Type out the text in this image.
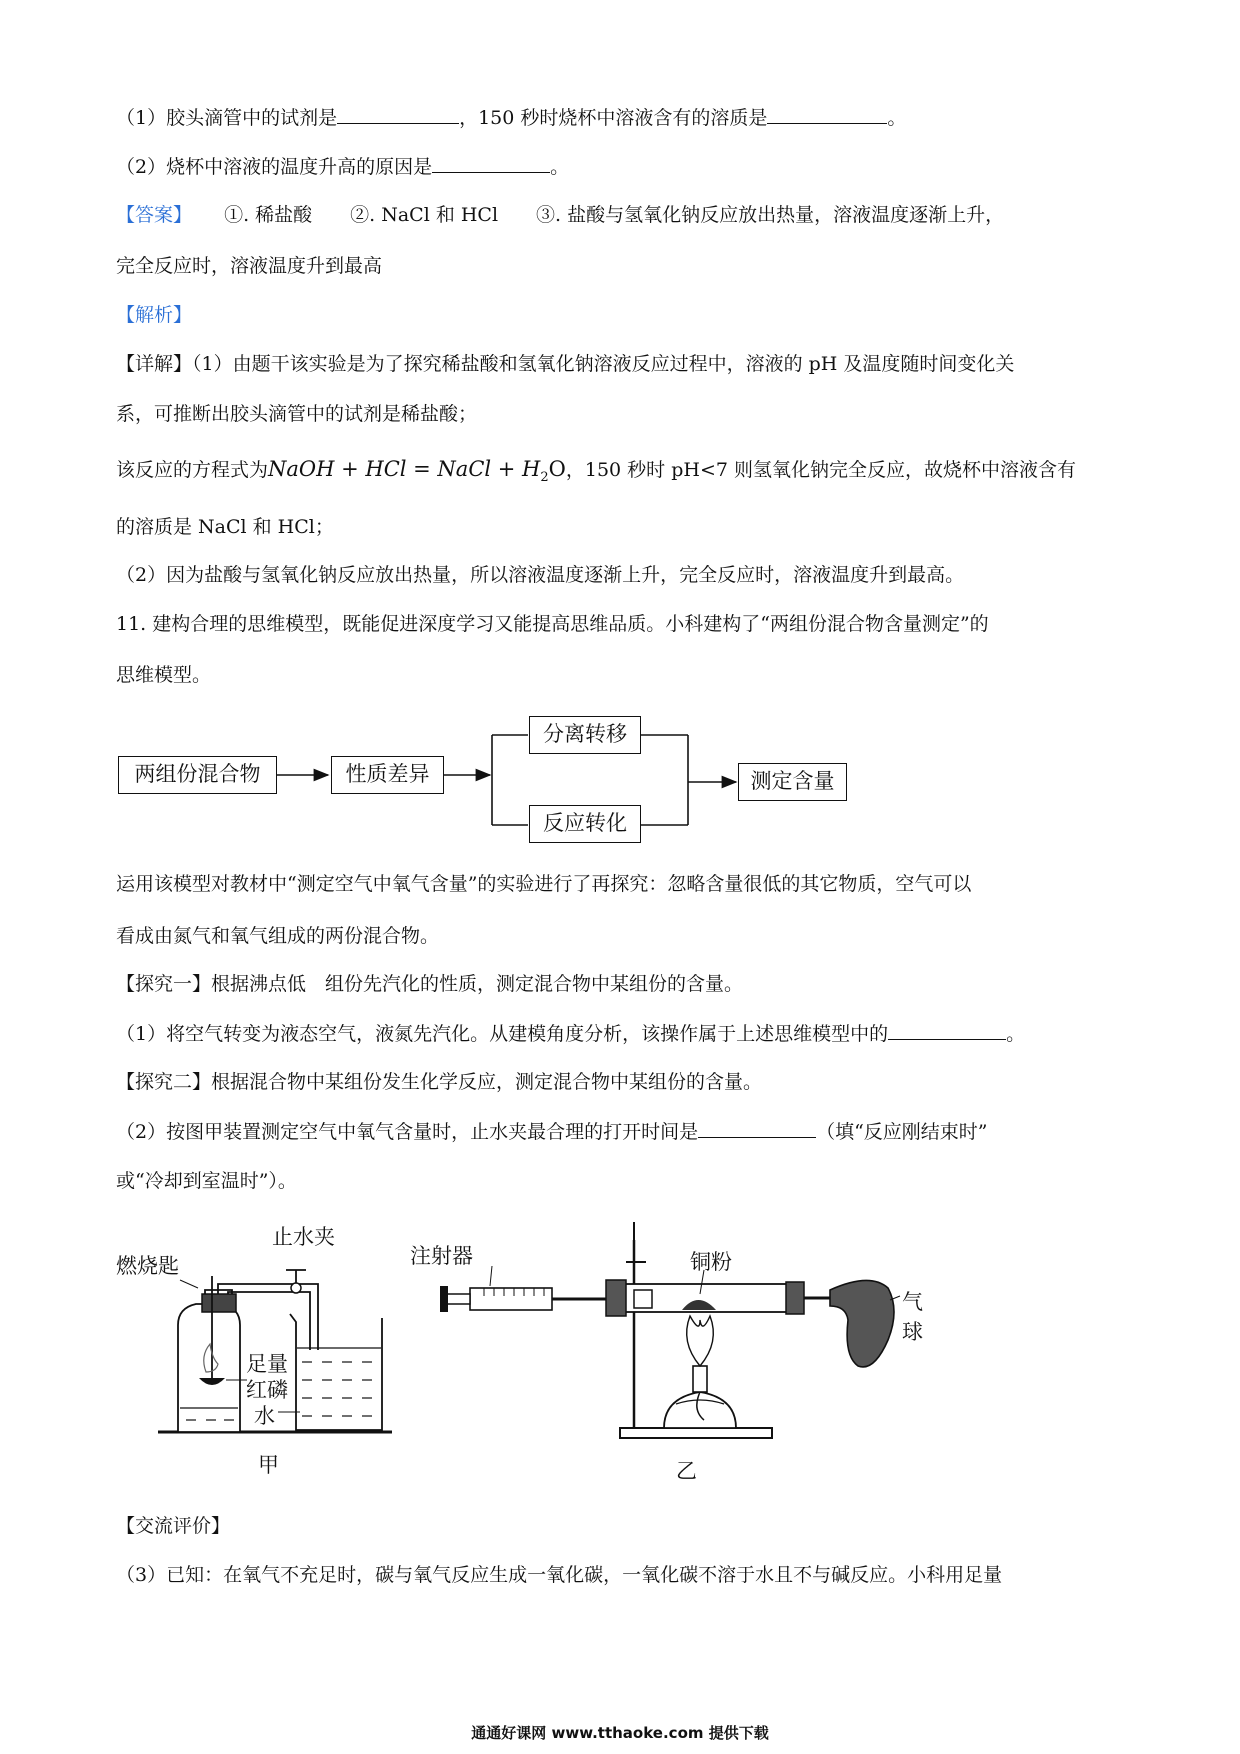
（1）胶头滴管中的试剂是	，150 秒时烧杯中溶液含有的溶质是	。
（2）烧杯中溶液的温度升高的原因是	。
【答案】 ①. 稀盐酸　　②. NaCl 和 HCl　　③. 盐酸与氢氧化钠反应放出热量，溶液温度逐渐上升，
完全反应时，溶液温度升到最高
【解析】
【详解】（1）由题干该实验是为了探究稀盐酸和氢氧化钠溶液反应过程中，溶液的 pH 及温度随时间变化关
系，可推断出胶头滴管中的试剂是稀盐酸；
该反应的方程式为NaOH + HCl = NaCl + $H_2O$，150 秒时 pH<7 则氢氧化钠完全反应，故烧杯中溶液含有
的溶质是 NaCl 和 HCl；
（2）因为盐酸与氢氧化钠反应放出热量，所以溶液温度逐渐上升，完全反应时，溶液温度升到最高。
11. 建构合理的思维模型，既能促进深度学习又能提高思维品质。小科建构了“两组份混合物含量测定”的
思维模型。
两组份混合物	性质差异
分离转移
反应转化
测定含量
运用该模型对教材中“测定空气中氧气含量”的实验进行了再探究：忽略含量很低的其它物质，空气可以
看成由氮气和氧气组成的两份混合物。
【探究一】根据沸点低　组份先汽化的性质，测定混合物中某组份的含量。
（1）将空气转变为液态空气，液氮先汽化。从建模角度分析，该操作属于上述思维模型中的	。
【探究二】根据混合物中某组份发生化学反应，测定混合物中某组份的含量。
（2）按图甲装置测定空气中氧气含量时，止水夹最合理的打开时间是	（填“反应刚结束时”
或“冷却到室温时”）。
燃烧匙
止水夹
足量
红磷
水
甲
注射器	铜粉
气
球
乙
【交流评价】
（3）已知：在氧气不充足时，碳与氧气反应生成一氧化碳，一氧化碳不溶于水且不与碱反应。小科用足量
通通好课网 www.tthaoke.com 提供下载
